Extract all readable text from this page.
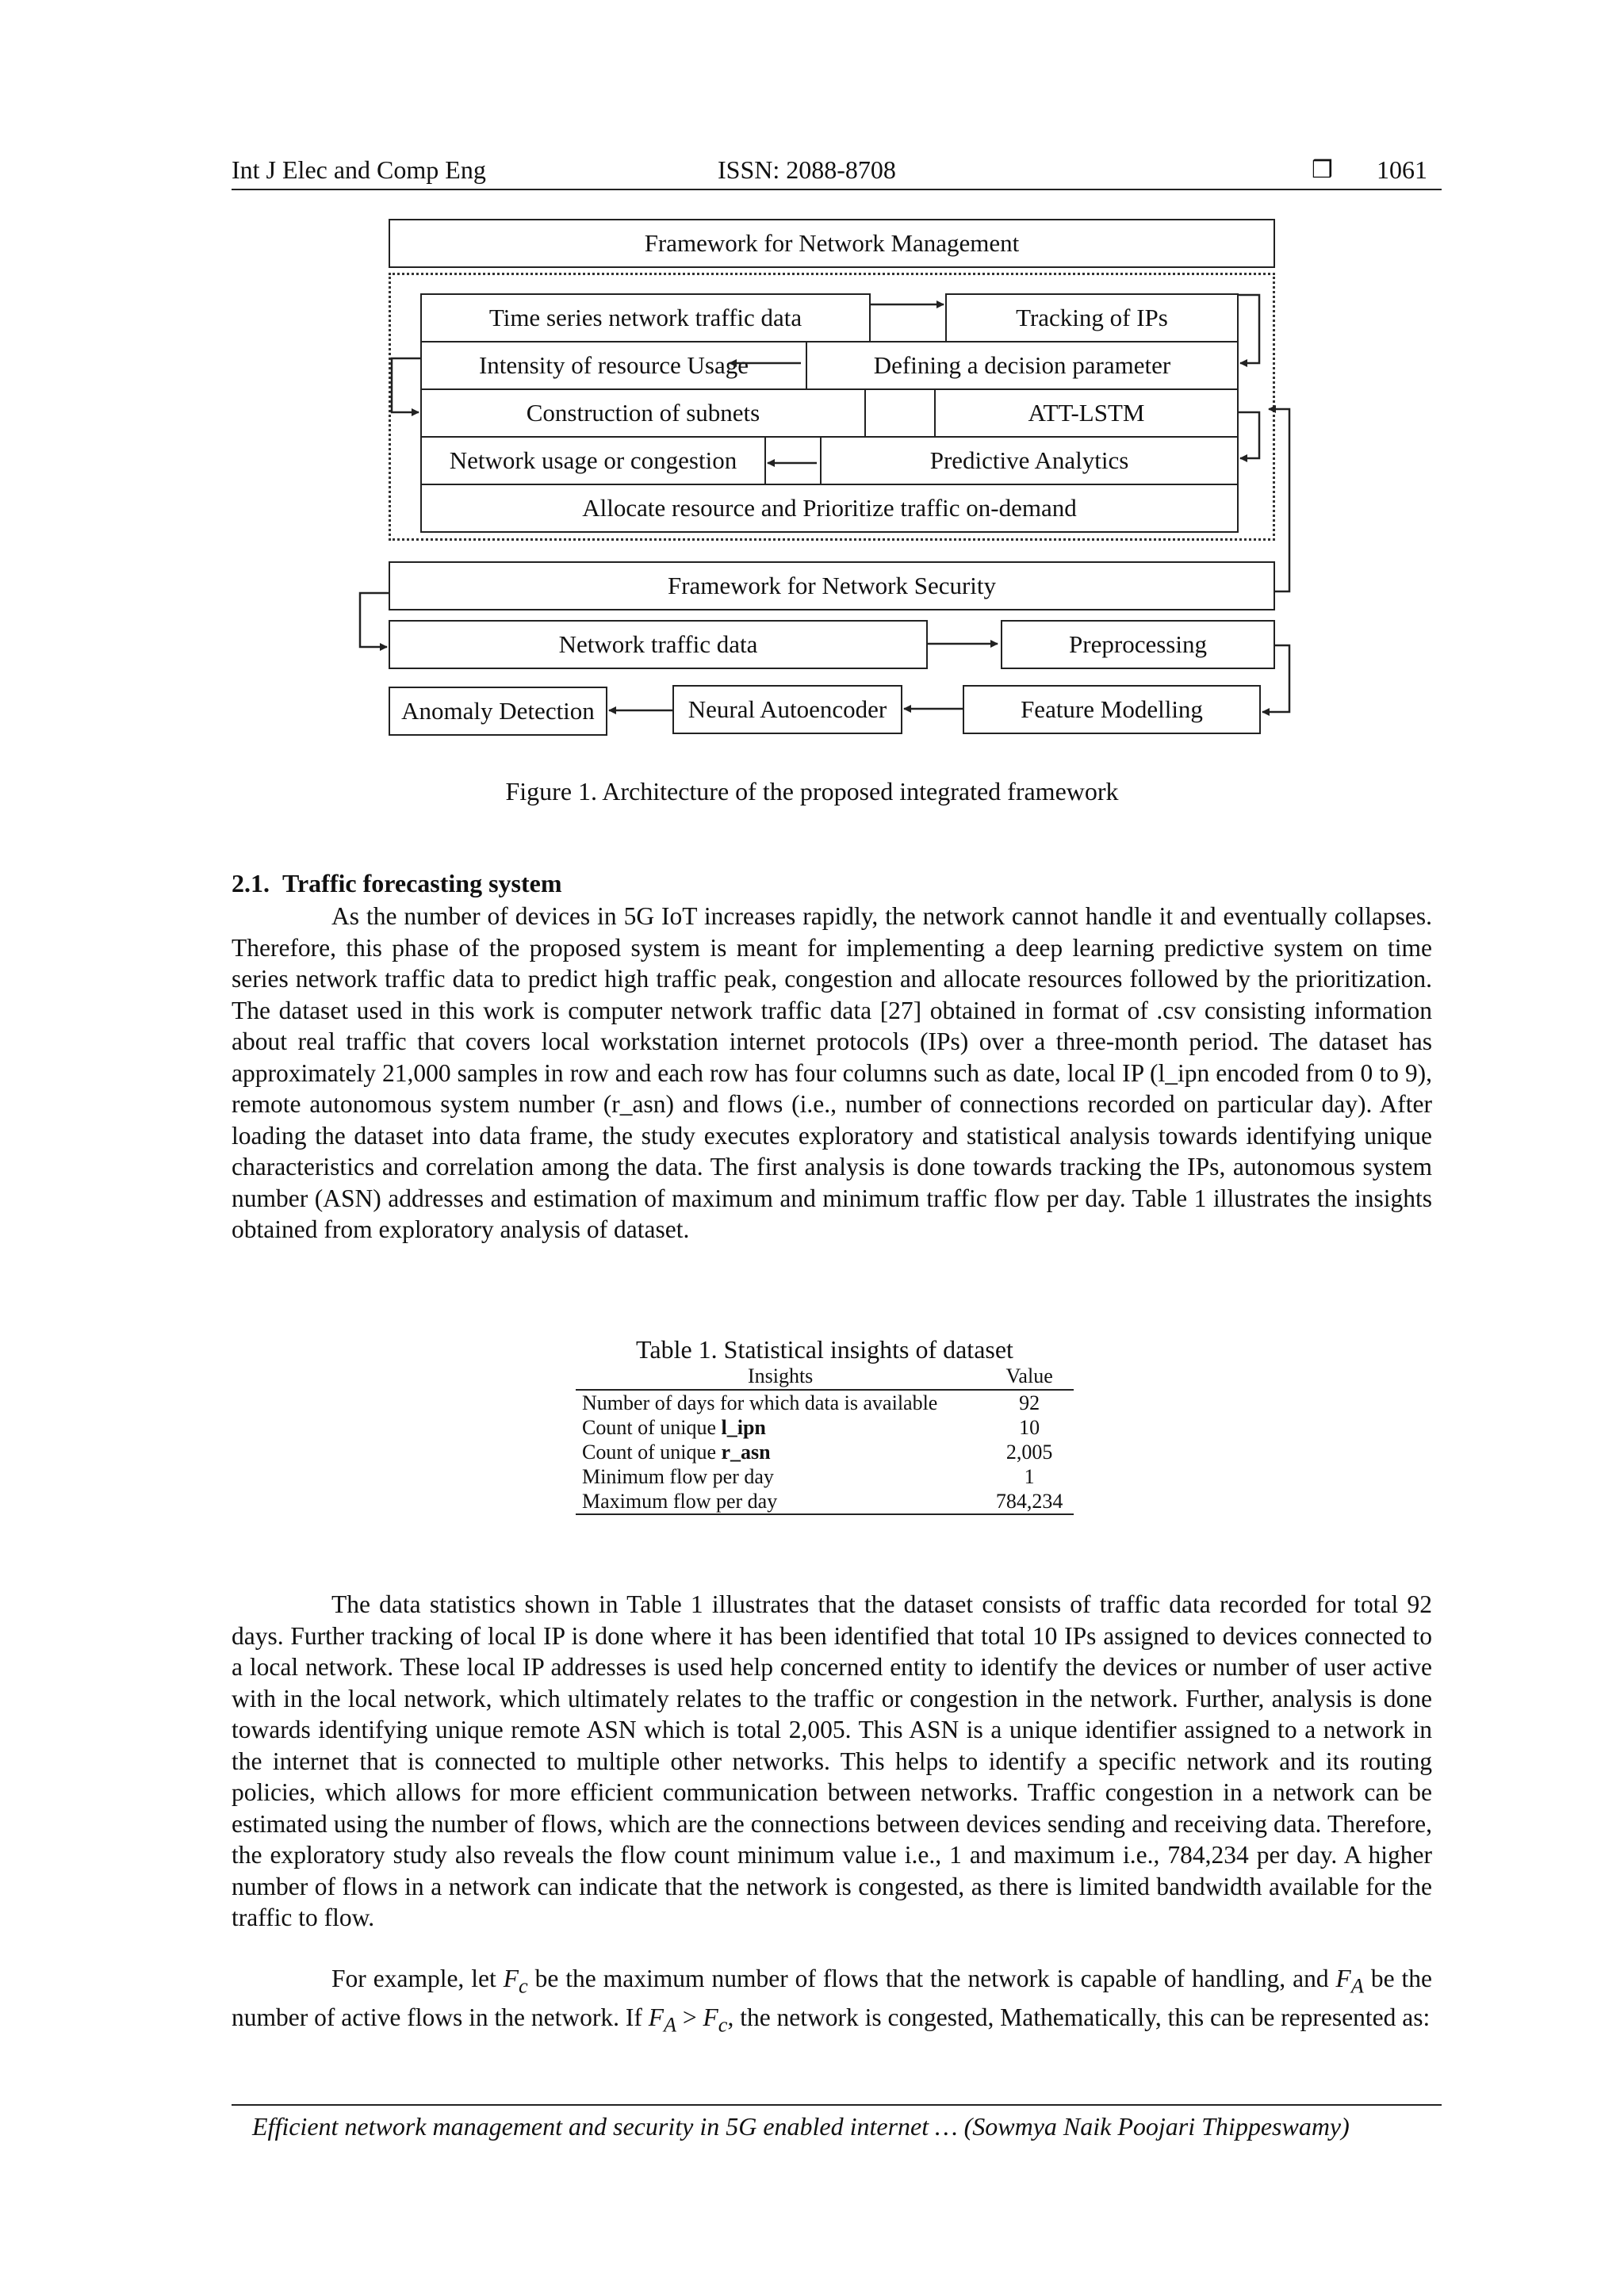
Int J Elec and Comp Eng	ISSN: 2088-8708	❒ 1061
Framework for Network Management
Time series network traffic data	Tracking of IPs
Intensity of resource Usage	Defining a decision parameter
Construction of subnets	ATT-LSTM
Network usage or congestion	Predictive Analytics
Allocate resource and Prioritize traffic on-demand
Framework for Network Security
Network traffic data	Preprocessing
Anomaly Detection	Neural Autoencoder	Feature Modelling
Figure 1. Architecture of the proposed integrated framework
2.1. Traffic forecasting system

As the number of devices in 5G IoT increases rapidly, the network cannot handle it and eventually collapses. Therefore, this phase of the proposed system is meant for implementing a deep learning predictive system on time series network traffic data to predict high traffic peak, congestion and allocate resources followed by the prioritization. The dataset used in this work is computer network traffic data [27] obtained in format of .csv consisting information about real traffic that covers local workstation internet protocols (IPs) over a three-month period. The dataset has approximately 21,000 samples in row and each row has four columns such as date, local IP (l_ipn encoded from 0 to 9), remote autonomous system number (r_asn) and flows (i.e., number of connections recorded on particular day). After loading the dataset into data frame, the study executes exploratory and statistical analysis towards identifying unique characteristics and correlation among the data. The first analysis is done towards tracking the IPs, autonomous system number (ASN) addresses and estimation of maximum and minimum traffic flow per day. Table 1 illustrates the insights obtained from exploratory analysis of dataset.

Table 1. Statistical insights of dataset
Insights	Value
Number of days for which data is available	92
Count of unique l_ipn	10
Count of unique r_asn	2,005
Minimum flow per day	1
Maximum flow per day	784,234

The data statistics shown in Table 1 illustrates that the dataset consists of traffic data recorded for total 92 days. Further tracking of local IP is done where it has been identified that total 10 IPs assigned to devices connected to a local network. These local IP addresses is used help concerned entity to identify the devices or number of user active with in the local network, which ultimately relates to the traffic or congestion in the network. Further, analysis is done towards identifying unique remote ASN which is total 2,005. This ASN is a unique identifier assigned to a network in the internet that is connected to multiple other networks. This helps to identify a specific network and its routing policies, which allows for more efficient communication between networks. Traffic congestion in a network can be estimated using the number of flows, which are the connections between devices sending and receiving data. Therefore, the exploratory study also reveals the flow count minimum value i.e., 1 and maximum i.e., 784,234 per day. A higher number of flows in a network can indicate that the network is congested, as there is limited bandwidth available for the traffic to flow.

For example, let $F_c$ be the maximum number of flows that the network is capable of handling, and $F_A$ be the number of active flows in the network. If $F_A > F_c$, the network is congested, Mathematically, this can be represented as:

Efficient network management and security in 5G enabled internet … (Sowmya Naik Poojari Thippeswamy)
